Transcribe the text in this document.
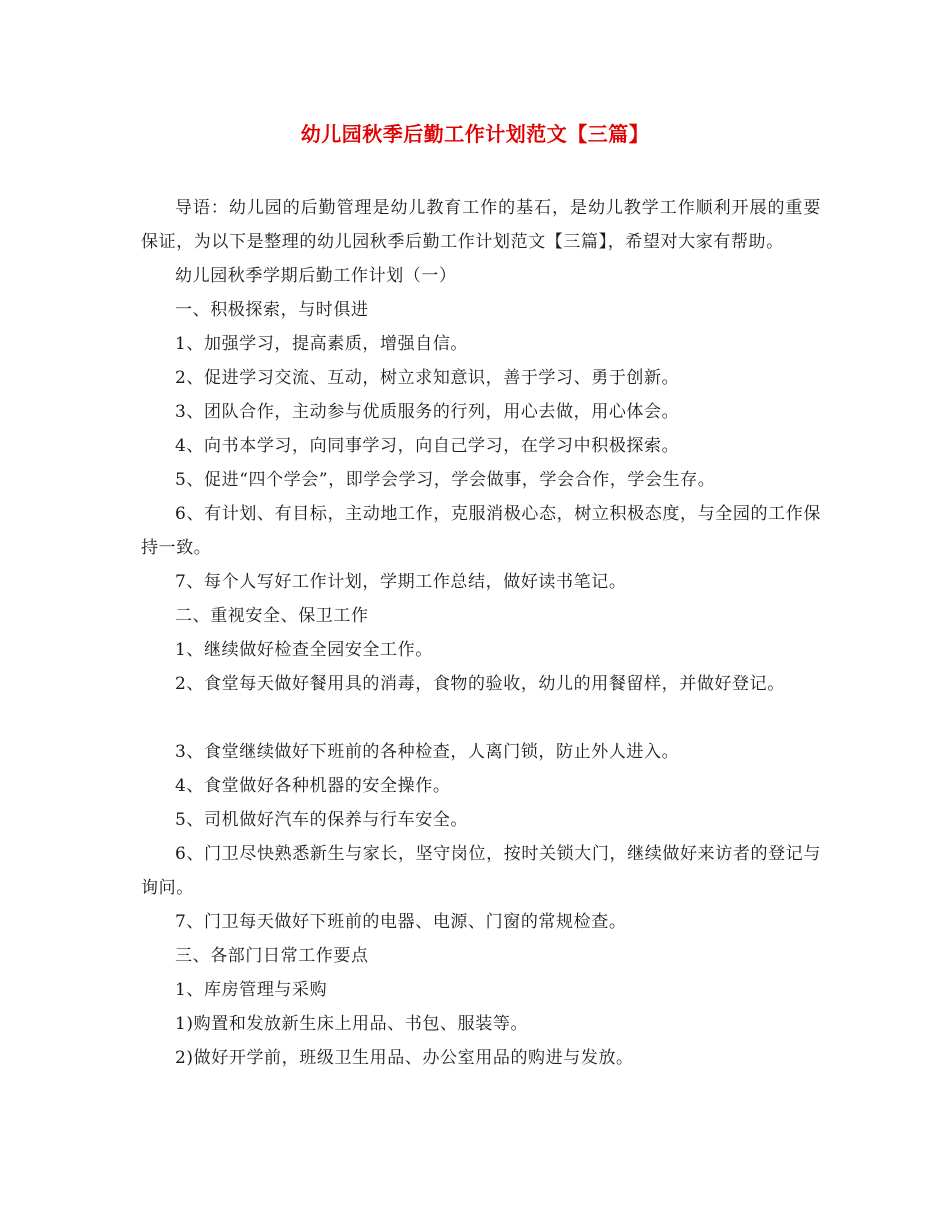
幼儿园秋季后勤工作计划范文【三篇】

导语：幼儿园的后勤管理是幼儿教育工作的基石，是幼儿教学工作顺利开展的重要保证，为以下是整理的幼儿园秋季后勤工作计划范文【三篇】，希望对大家有帮助。

幼儿园秋季学期后勤工作计划（一）

一、积极探索，与时俱进

1、加强学习，提高素质，增强自信。

2、促进学习交流、互动，树立求知意识，善于学习、勇于创新。

3、团队合作，主动参与优质服务的行列，用心去做，用心体会。

4、向书本学习，向同事学习，向自己学习，在学习中积极探索。

5、促进“四个学会”，即学会学习，学会做事，学会合作，学会生存。

6、有计划、有目标，主动地工作，克服消极心态，树立积极态度，与全园的工作保持一致。

7、每个人写好工作计划，学期工作总结，做好读书笔记。

二、重视安全、保卫工作

1、继续做好检查全园安全工作。

2、食堂每天做好餐用具的消毒，食物的验收，幼儿的用餐留样，并做好登记。

3、食堂继续做好下班前的各种检查，人离门锁，防止外人进入。

4、食堂做好各种机器的安全操作。

5、司机做好汽车的保养与行车安全。

6、门卫尽快熟悉新生与家长，坚守岗位，按时关锁大门，继续做好来访者的登记与询问。

7、门卫每天做好下班前的电器、电源、门窗的常规检查。

三、各部门日常工作要点

1、库房管理与采购

1)购置和发放新生床上用品、书包、服装等。

2)做好开学前，班级卫生用品、办公室用品的购进与发放。
